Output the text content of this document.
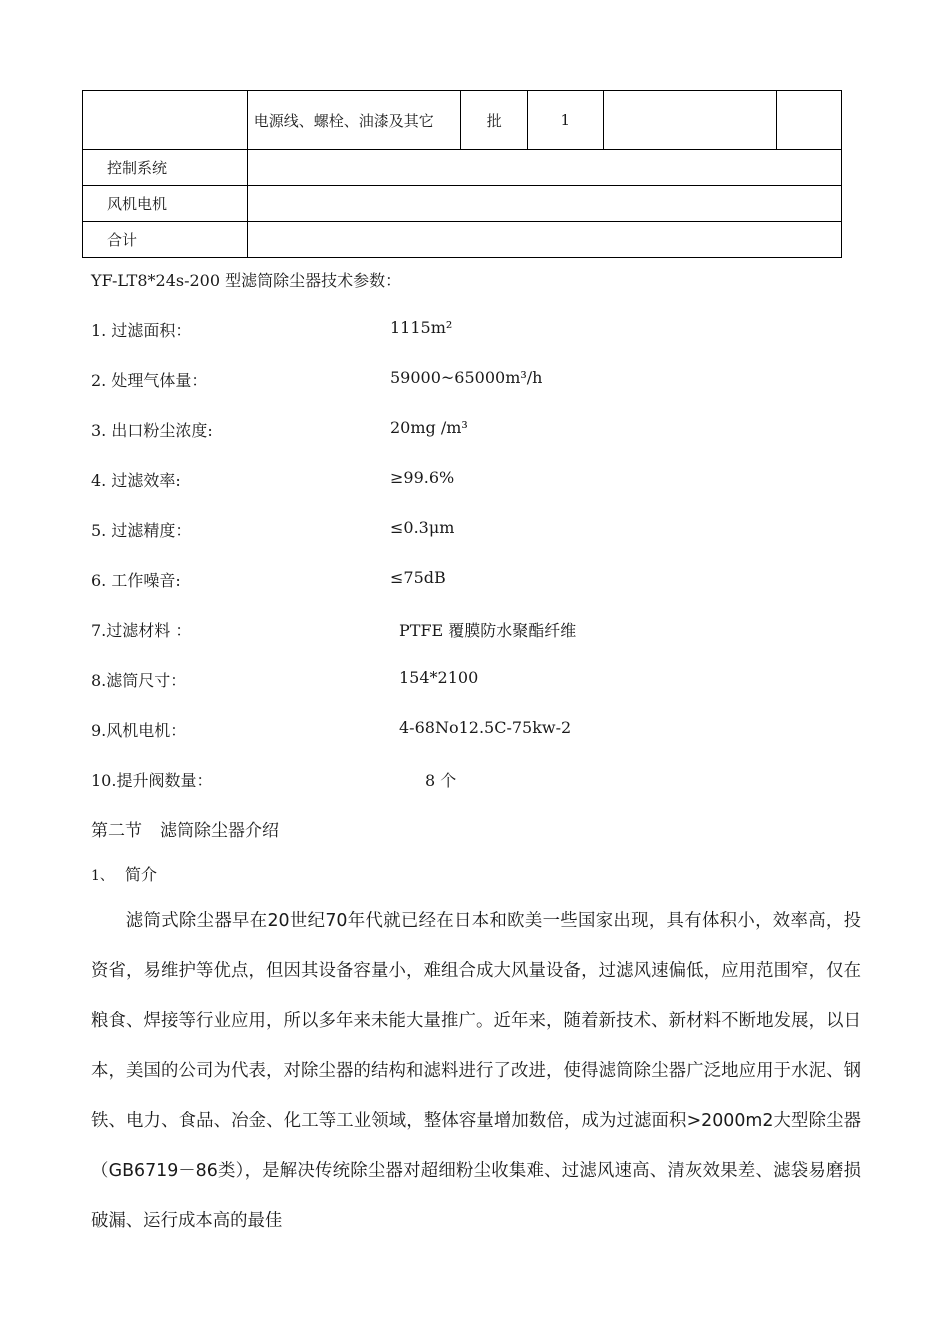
	电源线、螺栓、油漆及其它	批	1		
控制系统					
风机电机					
合计					
YF-LT8*24s-200 型滤筒除尘器技术参数：
1. 过滤面积：	1115m²
2. 处理气体量：	59000~65000m³/h
3. 出口粉尘浓度:	20mg /m³
4. 过滤效率:	≥99.6%
5. 过滤精度：	≤0.3μm
6. 工作噪音:	≤75dB
7.过滤材料 ：	PTFE 覆膜防水聚酯纤维
8.滤筒尺寸：	154*2100
9.风机电机：	4-68No12.5C-75kw-2
10.提升阀数量：	8 个
第二节 滤筒除尘器介绍
1、 简介

滤筒式除尘器早在20世纪70年代就已经在日本和欧美一些国家出现，具有体积小，效率高，投资省，易维护等优点，但因其设备容量小，难组合成大风量设备，过滤风速偏低，应用范围窄，仅在粮食、焊接等行业应用，所以多年来未能大量推广。近年来，随着新技术、新材料不断地发展，以日本，美国的公司为代表，对除尘器的结构和滤料进行了改进，使得滤筒除尘器广泛地应用于水泥、钢铁、电力、食品、冶金、化工等工业领域，整体容量增加数倍，成为过滤面积>2000m2大型除尘器（GB6719－86类），是解决传统除尘器对超细粉尘收集难、过滤风速高、清灰效果差、滤袋易磨损破漏、运行成本高的最佳
